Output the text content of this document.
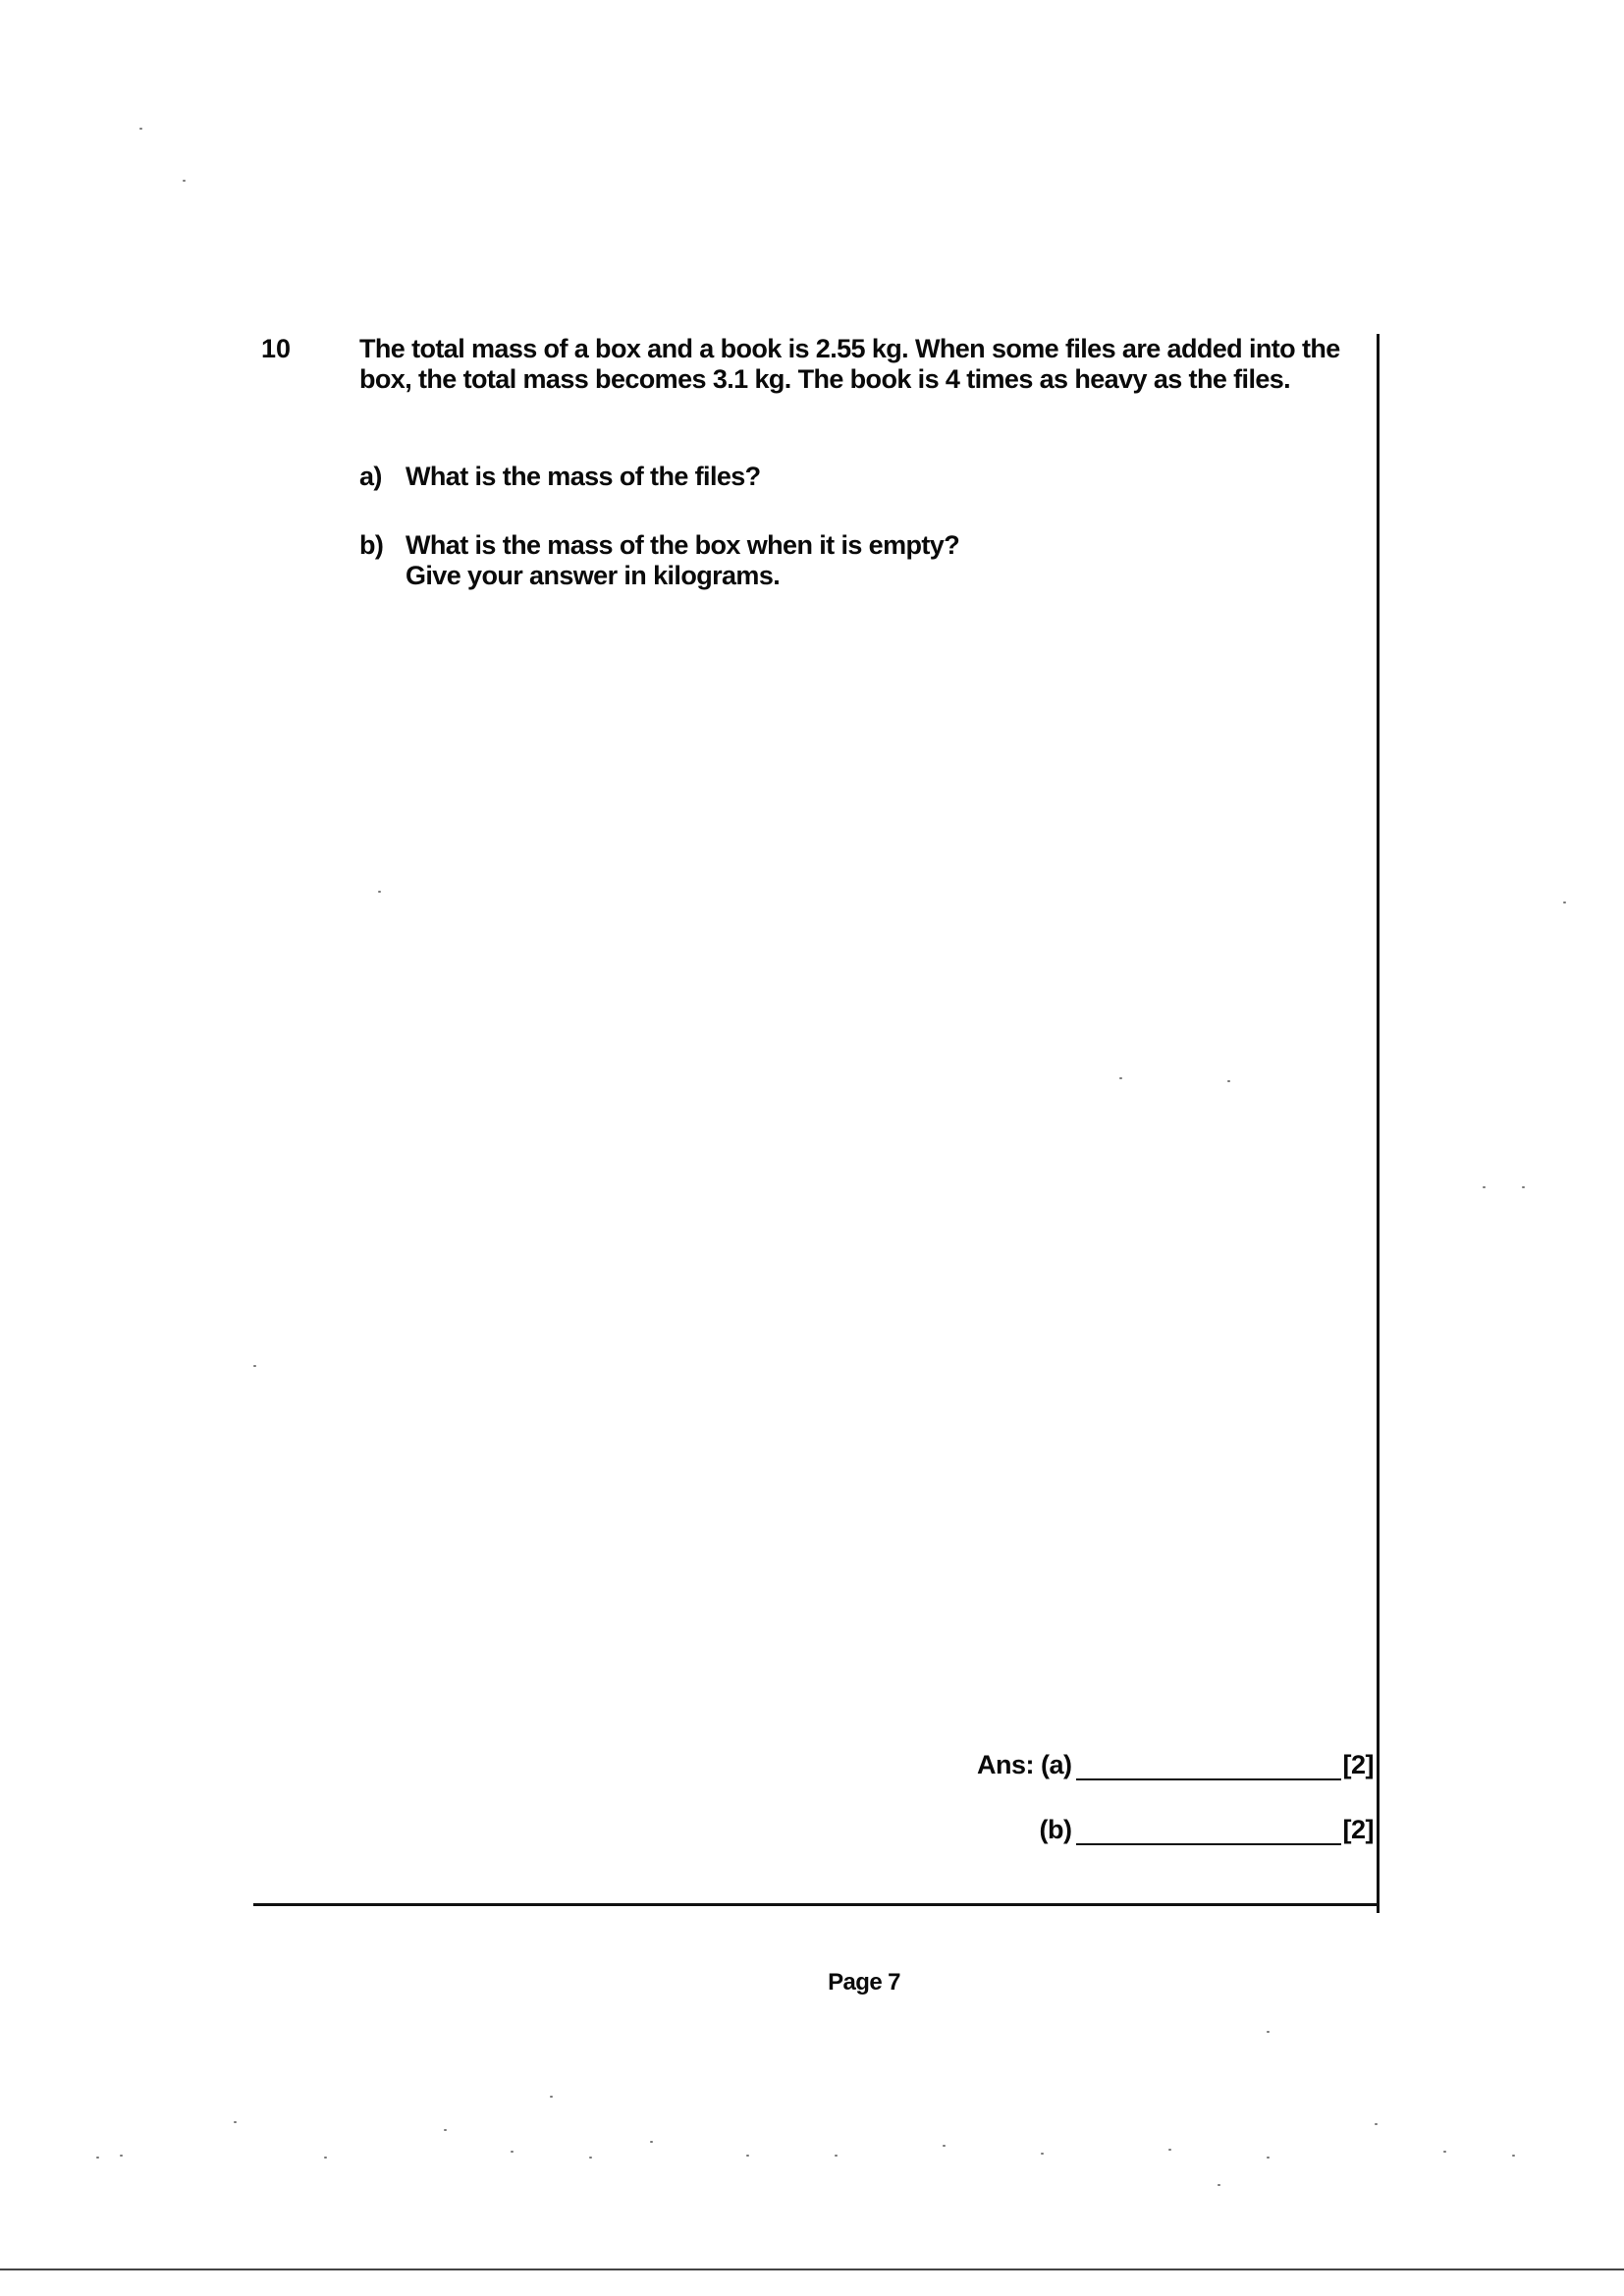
10	The total mass of a box and a book is 2.55 kg. When some files are added into the box, the total mass becomes 3.1 kg. The book is 4 times as heavy as the files.
a) What is the mass of the files?
b) What is the mass of the box when it is empty?
Give your answer in kilograms.
Ans: (a)	[2]
(b)	[2]
Page 7
